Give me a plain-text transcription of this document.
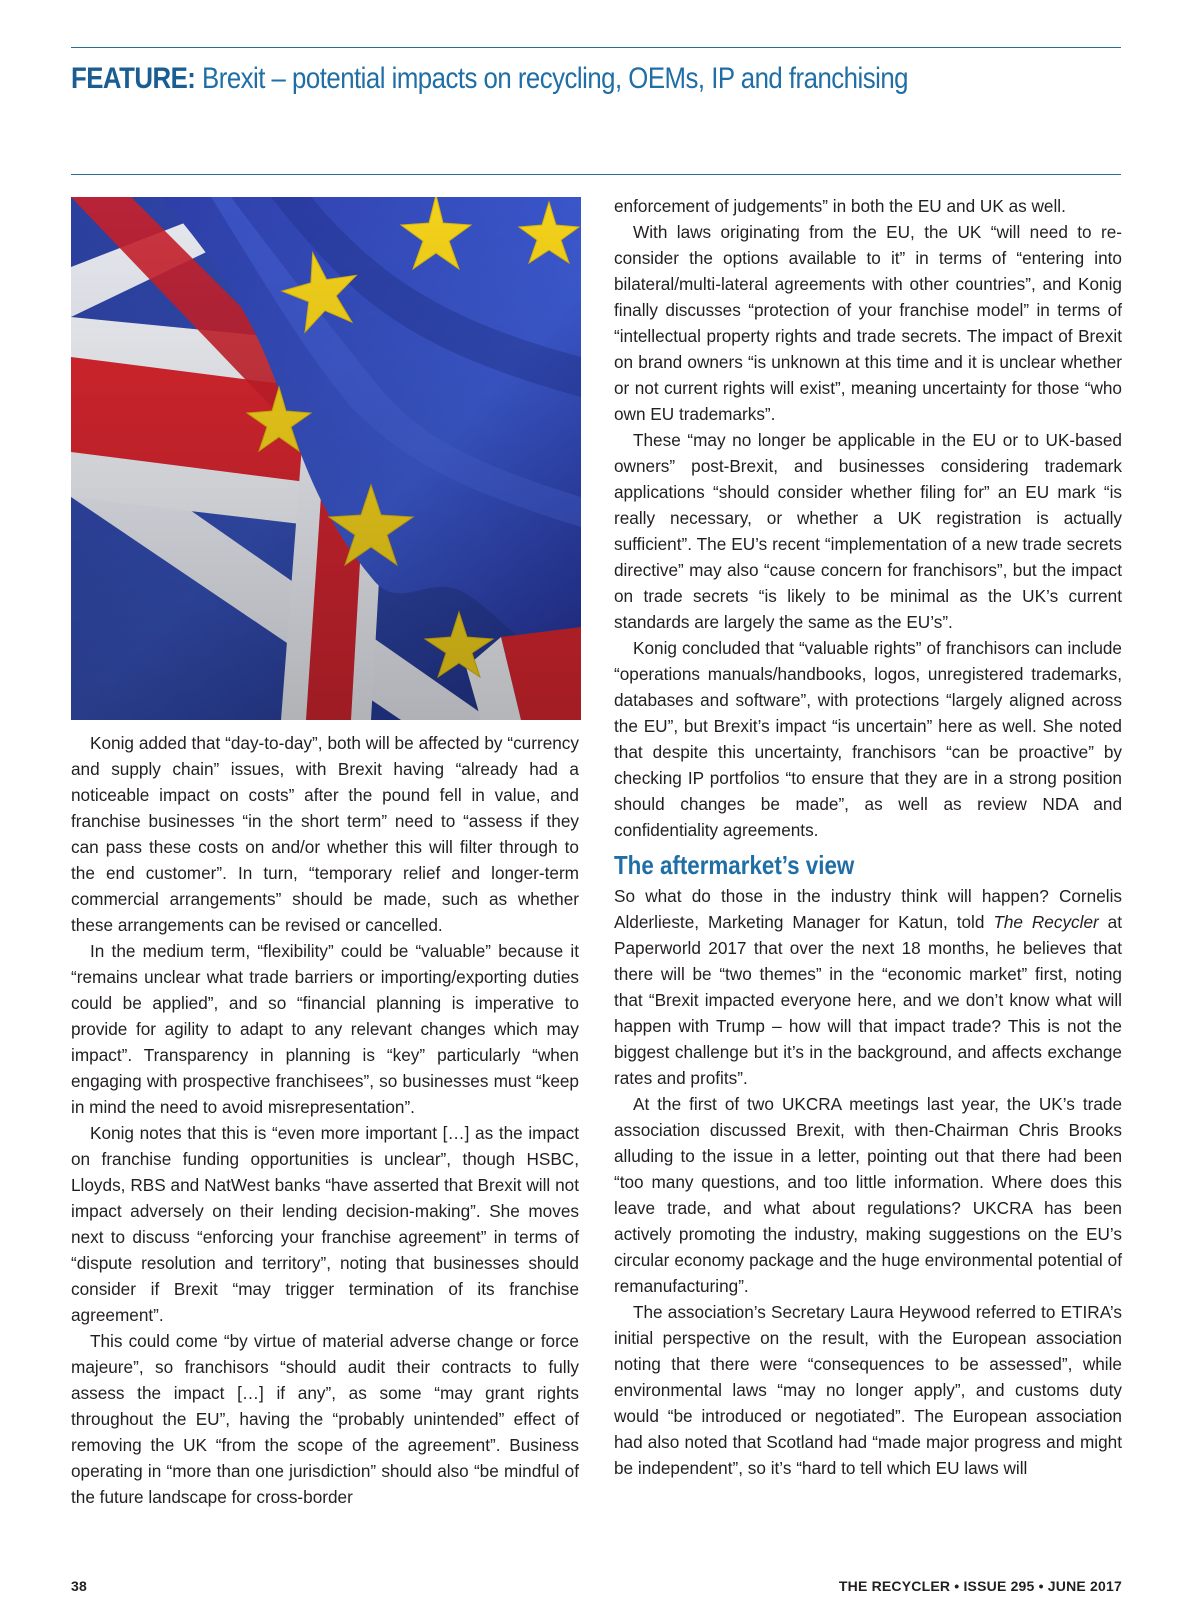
FEATURE: Brexit – potential impacts on recycling, OEMs, IP and franchising

Konig added that “day-to-day”, both will be affected by “currency and supply chain” issues, with Brexit having “already had a noticeable impact on costs” after the pound fell in value, and franchise businesses “in the short term” need to “assess if they can pass these costs on and/or whether this will filter through to the end customer”. In turn, “temporary relief and longer-term commercial arrangements” should be made, such as whether these arrangements can be revised or cancelled.

In the medium term, “flexibility” could be “valuable” because it “remains unclear what trade barriers or importing/exporting duties could be applied”, and so “financial planning is imperative to provide for agility to adapt to any relevant changes which may impact”. Transparency in planning is “key” particularly “when engaging with prospective franchisees”, so businesses must “keep in mind the need to avoid misrepresentation”.

Konig notes that this is “even more important […] as the impact on franchise funding opportunities is unclear”, though HSBC, Lloyds, RBS and NatWest banks “have asserted that Brexit will not impact adversely on their lending decision-making”. She moves next to discuss “enforcing your franchise agreement” in terms of “dispute resolution and territory”, noting that businesses should consider if Brexit “may trigger termination of its franchise agreement”.

This could come “by virtue of material adverse change or force majeure”, so franchisors “should audit their contracts to fully assess the impact […] if any”, as some “may grant rights throughout the EU”, having the “probably unintended” effect of removing the UK “from the scope of the agreement”. Business operating in “more than one jurisdiction” should also “be mindful of the future landscape for cross-border

enforcement of judgements” in both the EU and UK as well.

With laws originating from the EU, the UK “will need to re-consider the options available to it” in terms of “entering into bilateral/multi-lateral agreements with other countries”, and Konig finally discusses “protection of your franchise model” in terms of “intellectual property rights and trade secrets. The impact of Brexit on brand owners “is unknown at this time and it is unclear whether or not current rights will exist”, meaning uncertainty for those “who own EU trademarks”.

These “may no longer be applicable in the EU or to UK-based owners” post-Brexit, and businesses considering trademark applications “should consider whether filing for” an EU mark “is really necessary, or whether a UK registration is actually sufficient”. The EU’s recent “implementation of a new trade secrets directive” may also “cause concern for franchisors”, but the impact on trade secrets “is likely to be minimal as the UK’s current standards are largely the same as the EU’s”.

Konig concluded that “valuable rights” of franchisors can include “operations manuals/handbooks, logos, unregistered trademarks, databases and software”, with protections “largely aligned across the EU”, but Brexit’s impact “is uncertain” here as well. She noted that despite this uncertainty, franchisors “can be proactive” by checking IP portfolios “to ensure that they are in a strong position should changes be made”, as well as review NDA and confidentiality agreements.

The aftermarket’s view

So what do those in the industry think will happen? Cornelis Alderlieste, Marketing Manager for Katun, told The Recycler at Paperworld 2017 that over the next 18 months, he believes that there will be “two themes” in the “economic market” first, noting that “Brexit impacted everyone here, and we don’t know what will happen with Trump – how will that impact trade? This is not the biggest challenge but it’s in the background, and affects exchange rates and profits”.

At the first of two UKCRA meetings last year, the UK’s trade association discussed Brexit, with then-Chairman Chris Brooks alluding to the issue in a letter, pointing out that there had been “too many questions, and too little information. Where does this leave trade, and what about regulations? UKCRA has been actively promoting the industry, making suggestions on the EU’s circular economy package and the huge environmental potential of remanufacturing”.

The association’s Secretary Laura Heywood referred to ETIRA’s initial perspective on the result, with the European association noting that there were “consequences to be assessed”, while environmental laws “may no longer apply”, and customs duty would “be introduced or negotiated”. The European association had also noted that Scotland had “made major progress and might be independent”, so it’s “hard to tell which EU laws will

38	THE RECYCLER • ISSUE 295 • JUNE 2017
